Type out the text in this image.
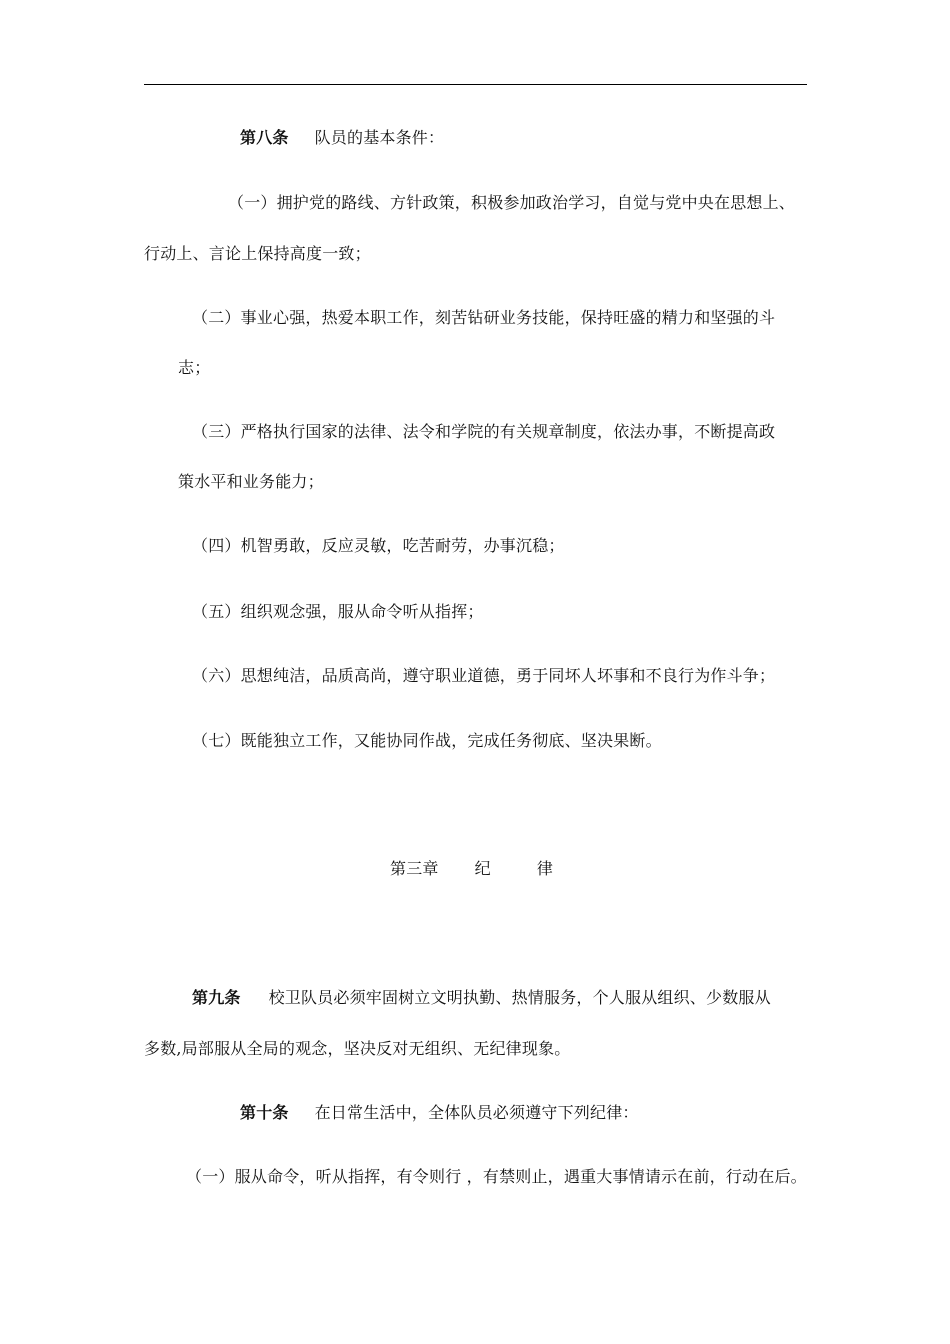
第八条 队员的基本条件：
（一）拥护党的路线、方针政策，积极参加政治学习，自觉与党中央在思想上、
行动上、言论上保持高度一致；
（二）事业心强，热爱本职工作，刻苦钻研业务技能，保持旺盛的精力和坚强的斗
志；
（三）严格执行国家的法律、法令和学院的有关规章制度，依法办事，不断提高政
策水平和业务能力；
（四）机智勇敢，反应灵敏，吃苦耐劳，办事沉稳；
（五）组织观念强，服从命令听从指挥；
（六）思想纯洁，品质高尚，遵守职业道德，勇于同坏人坏事和不良行为作斗争；
（七）既能独立工作，又能协同作战，完成任务彻底、坚决果断。
第三章 纪	律
第九条 校卫队员必须牢固树立文明执勤、热情服务，个人服从组织、少数服从
多数,局部服从全局的观念，坚决反对无组织、无纪律现象。
第十条 在日常生活中，全体队员必须遵守下列纪律：
（一）服从命令，听从指挥，有令则行 ，有禁则止，遇重大事情请示在前，行动在后。
